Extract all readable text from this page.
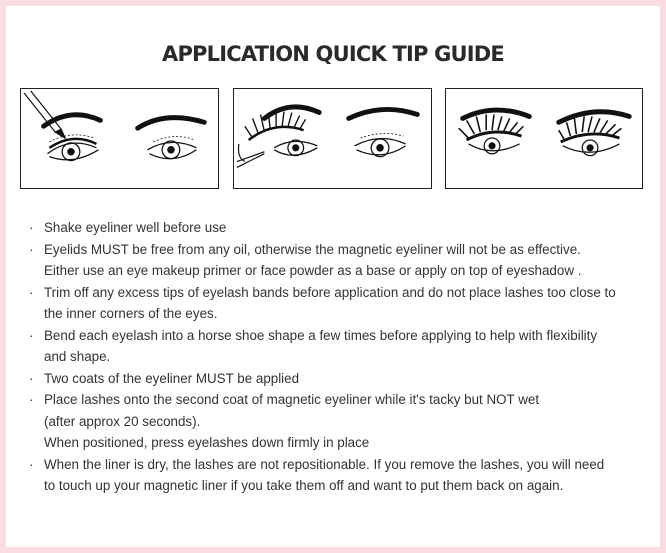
APPLICATION QUICK TIP GUIDE
· Shake eyeliner well before use
· Eyelids MUST be free from any oil, otherwise the magnetic eyeliner will not be as effective.
Either use an eye makeup primer or face powder as a base or apply on top of eyeshadow .
· Trim off any excess tips of eyelash bands before application and do not place lashes too close to
the inner corners of the eyes.
· Bend each eyelash into a horse shoe shape a few times before applying to help with flexibility
and shape.
· Two coats of the eyeliner MUST be applied
· Place lashes onto the second coat of magnetic eyeliner while it's tacky but NOT wet
(after approx 20 seconds).
When positioned, press eyelashes down firmly in place
· When the liner is dry, the lashes are not repositionable. If you remove the lashes, you will need
to touch up your magnetic liner if you take them off and want to put them back on again.
